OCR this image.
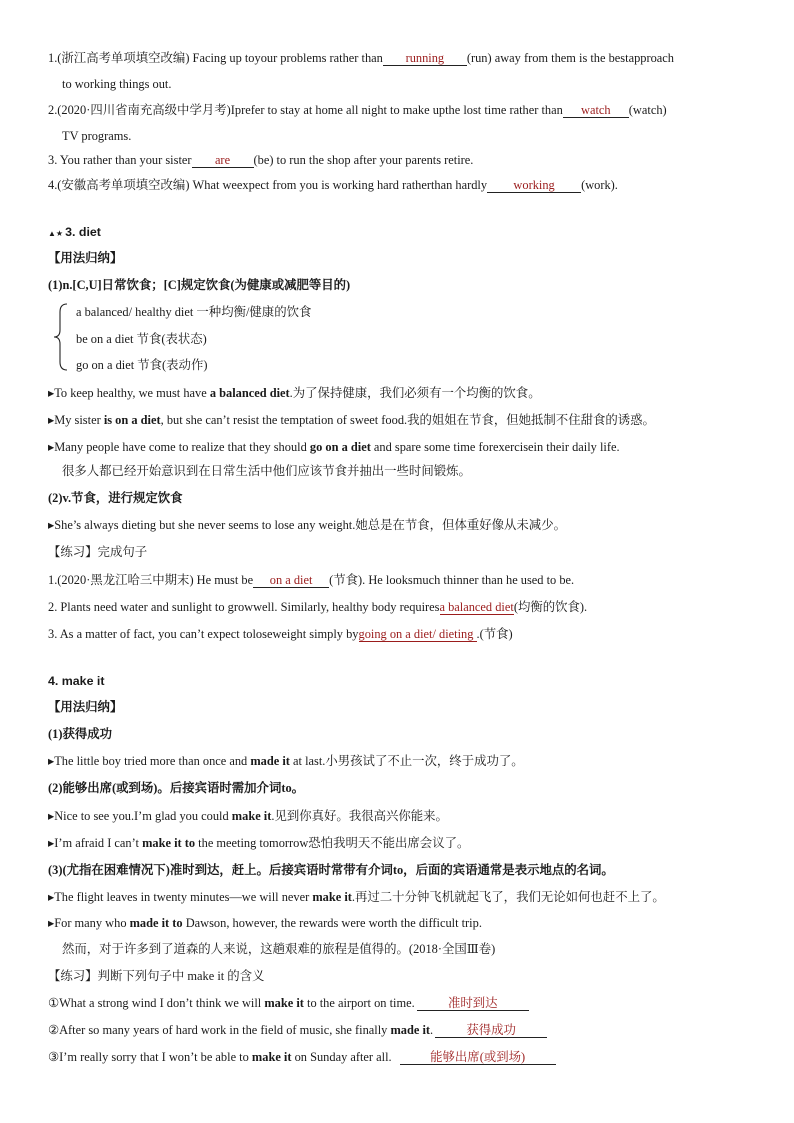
1.(浙江高考单项填空改编) Facing up toyour problems rather than running (run) away from them is the bestapproach
to working things out.
2.(2020·四川省南充高级中学月考)Iprefer to stay at home all night to make upthe lost time rather than watch (watch)
TV programs.
3. You rather than your sister are (be) to run the shop after your parents retire.
4.(安徽高考单项填空改编) What weexpect from you is working hard ratherthan hardly working (work).
▲★ 3. diet
【用法归纳】
(1)n.[C,U]日常饮食；[C]规定饮食(为健康或减肥等目的)
a balanced/ healthy diet 一种均衡/健康的饮食
be on a diet 节食(表状态)
go on a diet 节食(表动作)
▸To keep healthy, we must have a balanced diet.为了保持健康，我们必须有一个均衡的饮食。
▸My sister is on a diet, but she can’t resist the temptation of sweet food.我的姐姐在节食，但她抵制不住甜食的诱惑。
▸Many people have come to realize that they should go on a diet and spare some time forexercisein their daily life.
很多人都已经开始意识到在日常生活中他们应该节食并抽出一些时间锻炼。
(2)v.节食，进行规定饮食
▸She’s always dieting but she never seems to lose any weight.她总是在节食，但体重好像从未减少。
【练习】完成句子
1.(2020·黑龙江哈三中期末) He must be on a diet (节食). He looksmuch thinner than he used to be.
2. Plants need water and sunlight to growwell. Similarly, healthy body requiresa balanced diet(均衡的饮食).
3. As a matter of fact, you can’t expect toloseweight simply bygoing on a diet/ dieting .(节食)
4. make it
【用法归纳】
(1)获得成功
▸The little boy tried more than once and made it at last.小男孩试了不止一次，终于成功了。
(2)能够出席(或到场)。后接宾语时需加介词to。
▸Nice to see you.I’m glad you could make it.见到你真好。我很高兴你能来。
▸I’m afraid I can’t make it to the meeting tomorrow恐怕我明天不能出席会议了。
(3)(尤指在困难情况下)准时到达，赶上。后接宾语时常带有介词to，后面的宾语通常是表示地点的名词。
▸The flight leaves in twenty minutes—we will never make it.再过二十分钟飞机就起飞了，我们无论如何也赶不上了。
▸For many who made it to Dawson, however, the rewards were worth the difficult trip.
然而，对于许多到了道森的人来说，这趟艰难的旅程是值得的。(2018·全国Ⅲ卷)
【练习】判断下列句子中 make it 的含义
①What a strong wind I don’t think we will make it to the airport on time.	准时到达
②After so many years of hard work in the field of music, she finally made it.	获得成功
③I’m really sorry that I won’t be able to make it on Sunday after all.	能够出席(或到场)
